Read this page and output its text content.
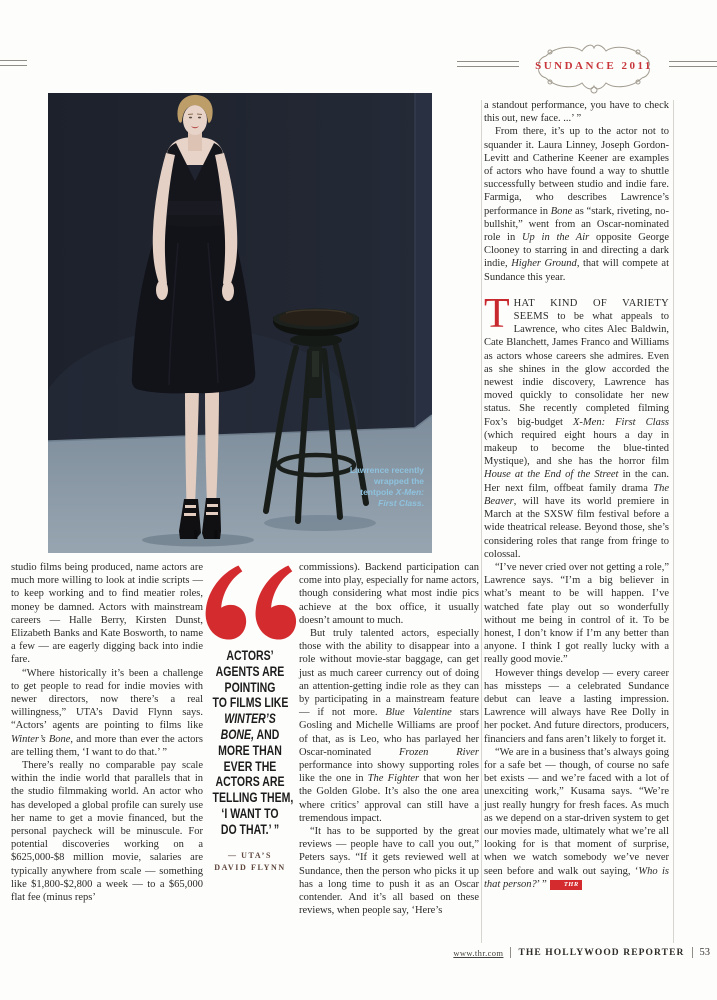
SUNDANCE 2011
Lawrence recently wrapped the tentpole X-Men: First Class.

studio films being produced, name actors are much more willing to look at indie scripts — to keep working and to find meatier roles, money be damned. Actors with mainstream careers — Halle Berry, Kirsten Dunst, Elizabeth Banks and Kate Bosworth, to name a few — are eagerly digging back into indie fare.

“Where historically it’s been a challenge to get people to read for indie movies with newer directors, now there’s a real willingness,” UTA’s David Flynn says. “Actors’ agents are pointing to films like Winter’s Bone, and more than ever the actors are telling them, ‘I want to do that.’ ”

There’s really no comparable pay scale within the indie world that parallels that in the studio filmmaking world. An actor who has developed a global profile can surely use her name to get a movie financed, but the personal paycheck will be minuscule. For potential discoveries working on a $625,000-$8 million movie, salaries are typically anywhere from scale — something like $1,800-$2,800 a week — to a $65,000 flat fee (minus reps’

ACTORS’
AGENTS ARE
POINTING
TO FILMS LIKE
WINTER’S
BONE, AND
MORE THAN
EVER THE
ACTORS ARE
TELLING THEM,
‘I WANT TO
DO THAT.’ ”
— UTA’S
DAVID FLYNN

commissions). Backend participation can come into play, especially for name actors, though considering what most indie pics achieve at the box office, it usually doesn’t amount to much.

But truly talented actors, especially those with the ability to disappear into a role without movie-star baggage, can get just as much career currency out of doing an attention-getting indie role as they can by participating in a mainstream feature — if not more. Blue Valentine stars Gosling and Michelle Williams are proof of that, as is Leo, who has parlayed her Oscar-nominated Frozen River performance into showy supporting roles like the one in The Fighter that won her the Golden Globe. It’s also the one area where critics’ approval can still have a tremendous impact.

“It has to be supported by the great reviews — people have to call you out,” Peters says. “If it gets reviewed well at Sundance, then the person who picks it up has a long time to push it as an Oscar contender. And it’s all based on these reviews, when people say, ‘Here’s

a standout performance, you have to check this out, new face. ...’ ”

From there, it’s up to the actor not to squander it. Laura Linney, Joseph Gordon-Levitt and Catherine Keener are examples of actors who have found a way to shuttle successfully between studio and indie fare. Farmiga, who describes Lawrence’s performance in Bone as “stark, riveting, no-bullshit,” went from an Oscar-nominated role in Up in the Air opposite George Clooney to starring in and directing a dark indie, Higher Ground, that will compete at Sundance this year.

THAT KIND OF VARIETY SEEMS to be what appeals to Lawrence, who cites Alec Baldwin, Cate Blanchett, James Franco and Williams as actors whose careers she admires. Even as she shines in the glow accorded the newest indie discovery, Lawrence has moved quickly to consolidate her new status. She recently completed filming Fox’s big-budget X-Men: First Class (which required eight hours a day in makeup to become the blue-tinted Mystique), and she has the horror film House at the End of the Street in the can. Her next film, offbeat family drama The Beaver, will have its world premiere in March at the SXSW film festival before a wide theatrical release. Beyond those, she’s considering roles that range from fringe to colossal.

“I’ve never cried over not getting a role,” Lawrence says. “I’m a big believer in what’s meant to be will happen. I’ve watched fate play out so wonderfully without me being in control of it. To be honest, I don’t know if I’m any better than anyone. I think I got really lucky with a really good movie.”

However things develop — every career has missteps — a celebrated Sundance debut can leave a lasting impression. Lawrence will always have Ree Dolly in her pocket. And future directors, producers, financiers and fans aren’t likely to forget it.

“We are in a business that’s always going for a safe bet — though, of course no safe bet exists — and we’re faced with a lot of unexciting work,” Kusama says. “We’re just really hungry for fresh faces. As much as we depend on a star-driven system to get our movies made, ultimately what we’re all looking for is that moment of surprise, when we watch somebody we’ve never seen before and walk out saying, ‘Who is that person?’ ”	THR

www.thr.com THE HOLLYWOOD REPORTER 53
